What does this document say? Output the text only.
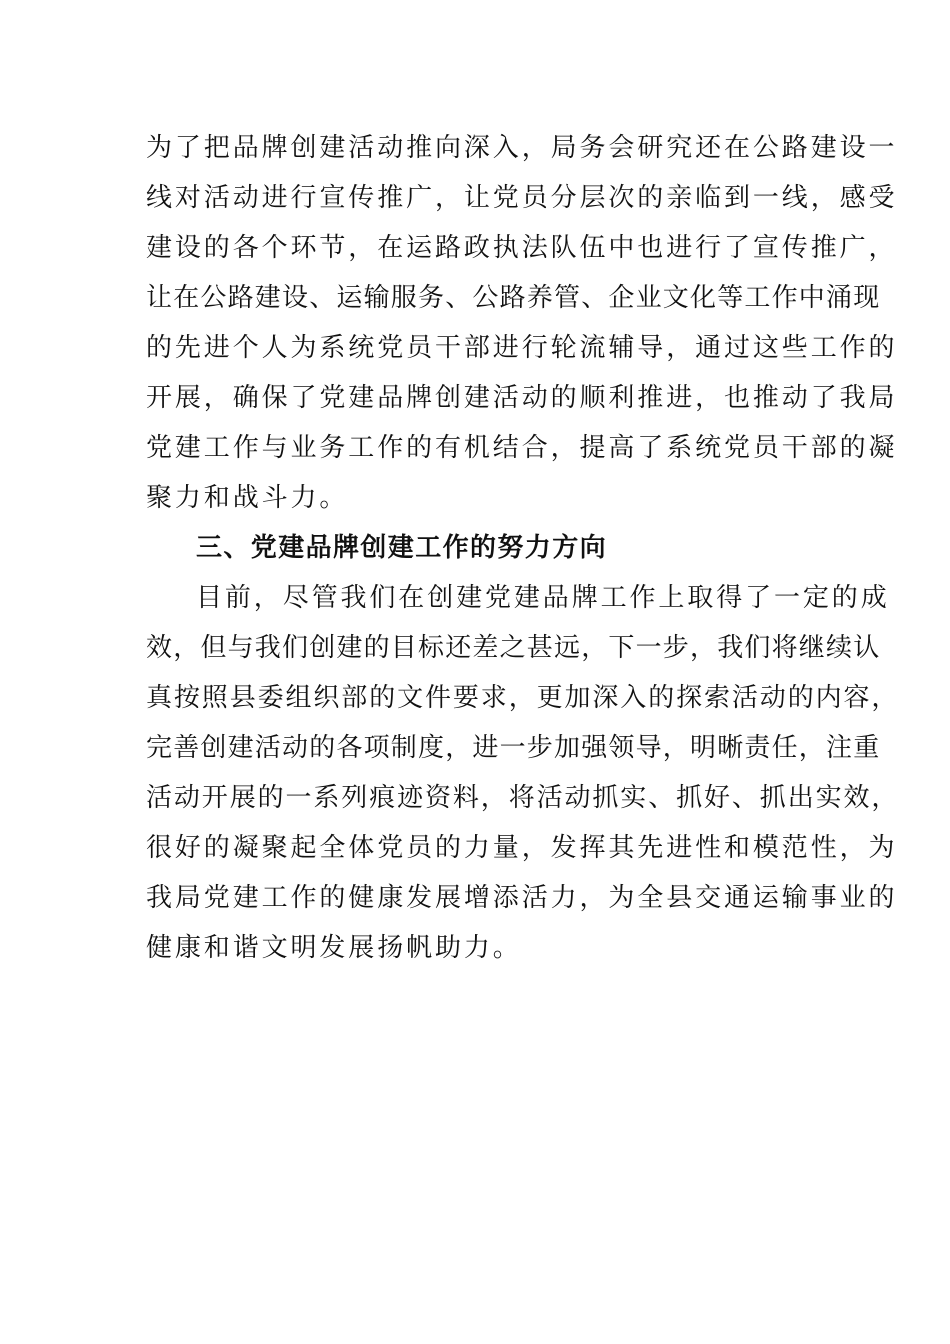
为了把品牌创建活动推向深入，局务会研究还在公路建设一
线对活动进行宣传推广，让党员分层次的亲临到一线，感受
建设的各个环节，在运路政执法队伍中也进行了宣传推广，
让在公路建设、运输服务、公路养管、企业文化等工作中涌现
的先进个人为系统党员干部进行轮流辅导，通过这些工作的
开展，确保了党建品牌创建活动的顺利推进，也推动了我局
党建工作与业务工作的有机结合，提高了系统党员干部的凝
聚力和战斗力。
三、党建品牌创建工作的努力方向
目前，尽管我们在创建党建品牌工作上取得了一定的成
效，但与我们创建的目标还差之甚远，下一步，我们将继续认
真按照县委组织部的文件要求，更加深入的探索活动的内容，
完善创建活动的各项制度，进一步加强领导，明晰责任，注重
活动开展的一系列痕迹资料，将活动抓实、抓好、抓出实效，
很好的凝聚起全体党员的力量，发挥其先进性和模范性，为
我局党建工作的健康发展增添活力，为全县交通运输事业的
健康和谐文明发展扬帆助力。
